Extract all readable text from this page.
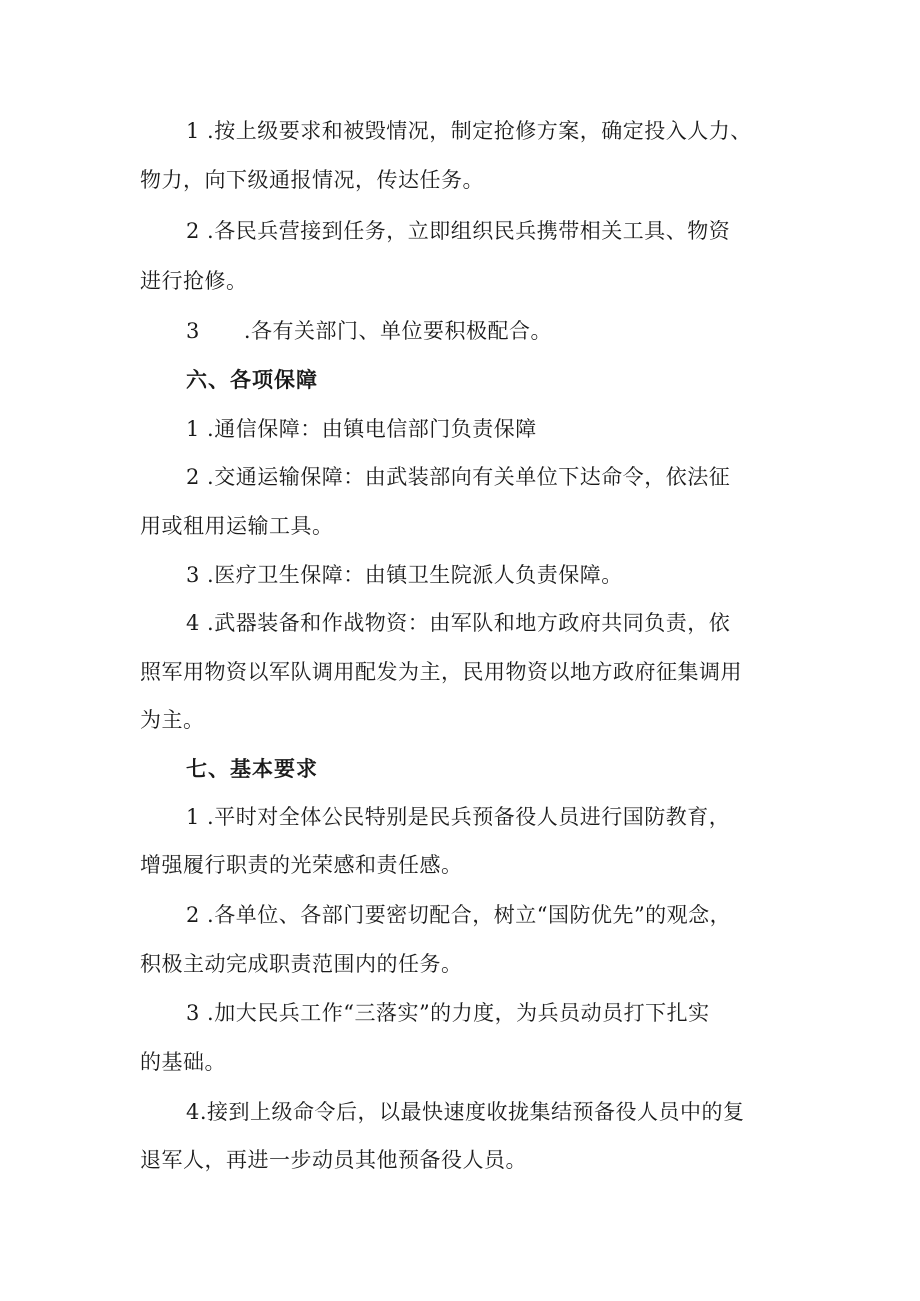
1 .按上级要求和被毁情况，制定抢修方案，确定投入人力、
物力，向下级通报情况，传达任务。
2 .各民兵营接到任务，立即组织民兵携带相关工具、物资
进行抢修。
3 .各有关部门、单位要积极配合。
六、各项保障
1 .通信保障：由镇电信部门负责保障
2 .交通运输保障：由武装部向有关单位下达命令，依法征
用或租用运输工具。
3 .医疗卫生保障：由镇卫生院派人负责保障。
4 .武器装备和作战物资：由军队和地方政府共同负责，依
照军用物资以军队调用配发为主，民用物资以地方政府征集调用
为主。
七、基本要求
1 .平时对全体公民特别是民兵预备役人员进行国防教育，
增强履行职责的光荣感和责任感。
2 .各单位、各部门要密切配合，树立“国防优先”的观念，
积极主动完成职责范围内的任务。
3 .加大民兵工作“三落实”的力度，为兵员动员打下扎实
的基础。
4.接到上级命令后，以最快速度收拢集结预备役人员中的复
退军人，再进一步动员其他预备役人员。
